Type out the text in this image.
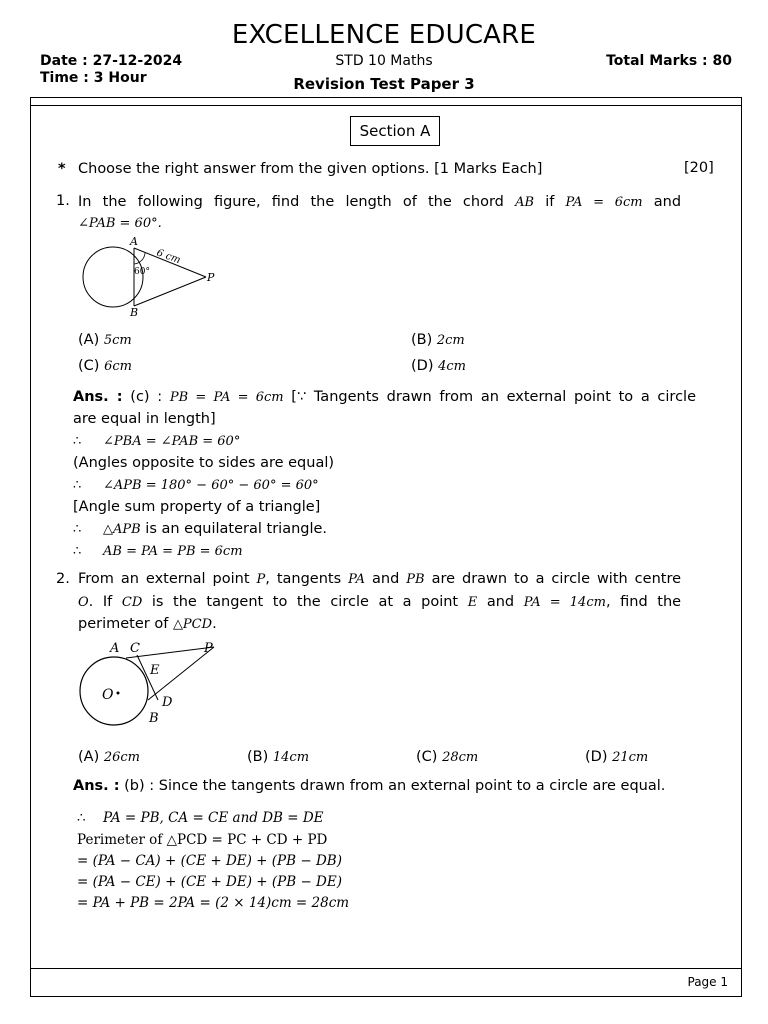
EXCELLENCE EDUCARE
Date : 27-12-2024
Time : 3 Hour
STD 10 Maths
Revision Test Paper 3
Total Marks : 80
Section A
* Choose the right answer from the given options. [1 Marks Each]	[20]
1. In the following figure, find the length of the chord AB if PA = 6cm and
∠PAB = 60°.
A
B
P
6 cm
60°
(A) 5cm	(B) 2cm
(C) 6cm	(D) 4cm
Ans. : (c) : PB = PA = 6cm [∵ Tangents drawn from an external point to a circle
are equal in length]
∴ ∠PBA = ∠PAB = 60°
(Angles opposite to sides are equal)
∴ ∠APB = 180° − 60° − 60° = 60°
[Angle sum property of a triangle]
∴ △APB is an equilateral triangle.
∴ AB = PA = PB = 6cm
2. From an external point P, tangents PA and PB are drawn to a circle with centre
O. If CD is the tangent to the circle at a point E and PA = 14cm, find the
perimeter of △PCD.
A C	P
E
O	D
B
(A) 26cm	(B) 14cm	(C) 28cm	(D) 21cm
Ans. : (b) : Since the tangents drawn from an external point to a circle are equal.
∴ PA = PB, CA = CE and DB = DE
Perimeter of △PCD = PC + CD + PD
= (PA − CA) + (CE + DE) + (PB − DB)
= (PA − CE) + (CE + DE) + (PB − DE)
= PA + PB = 2PA = (2 × 14)cm = 28cm
Page 1
